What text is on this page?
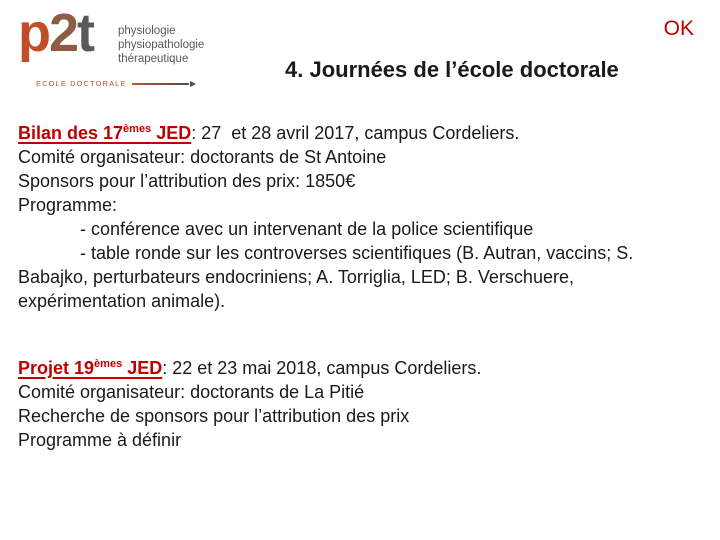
p2t physiologie
physiopathologie
thérapeutique
ECOLE DOCTORALE
OK
4. Journées de l’école doctorale
Bilan des 17èmes JED: 27  et 28 avril 2017, campus Cordeliers.
Comité organisateur: doctorants de St Antoine
Sponsors pour l’attribution des prix: 1850€
Programme:
- conférence avec un intervenant de la police scientifique
- table ronde sur les controverses scientifiques (B. Autran, vaccins; S.
Babajko, perturbateurs endocriniens; A. Torriglia, LED; B. Verschuere,
expérimentation animale).
Projet 19èmes JED: 22 et 23 mai 2018, campus Cordeliers.
Comité organisateur: doctorants de La Pitié
Recherche de sponsors pour l’attribution des prix
Programme à définir
